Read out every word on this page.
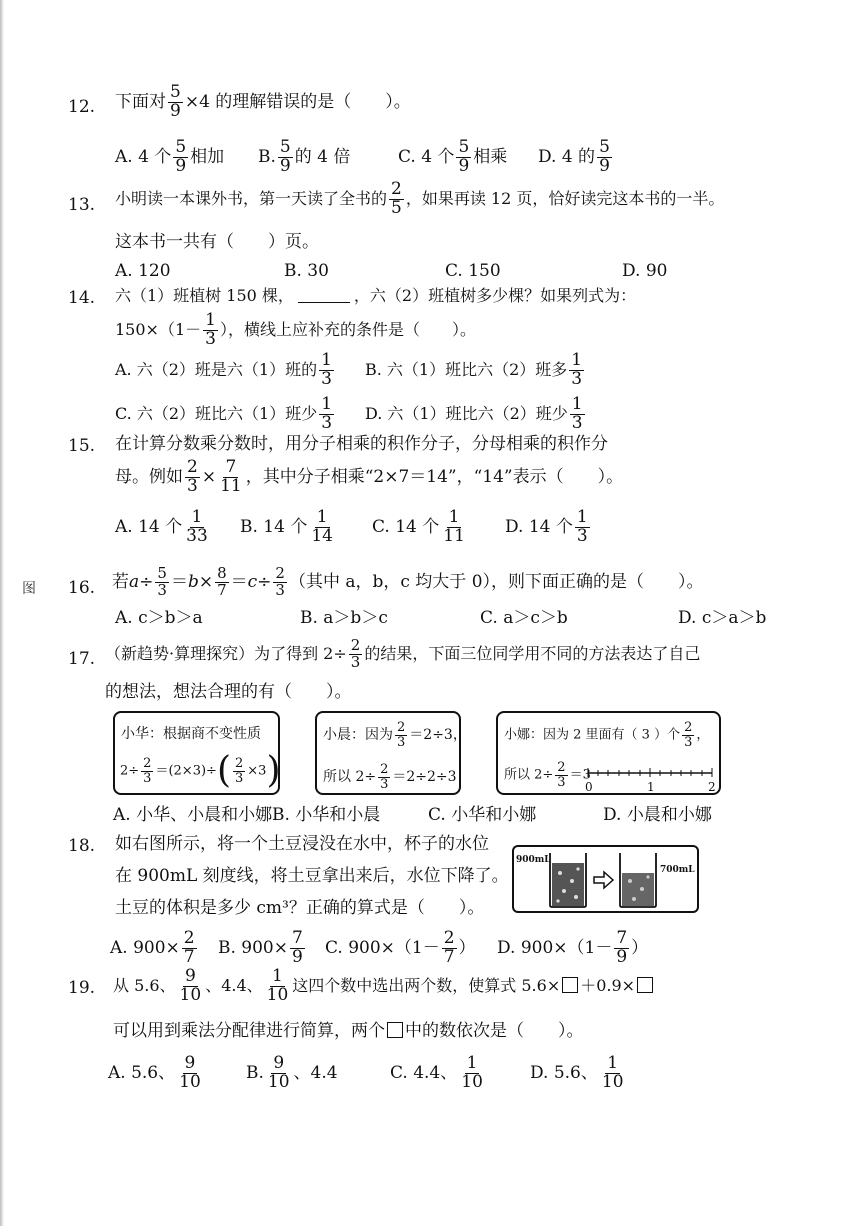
图
12. 下面对 $\frac{5}{9} \times 4$ 的理解错误的是（　　）。
A. 4 个 $\frac{5}{9}$ 相加 B. $\frac{5}{9}$ 的 4 倍	C. 4 个 $\frac{5}{9}$ 相乘 D. 4 的 $\frac{5}{9}$
13. 小明读一本课外书，第一天读了全书的 $\frac{2}{5}$ ，如果再读 12 页，恰好读完这本书的一半。
这本书一共有（　　）页。
A. 120	B. 30	C. 150	D. 90
14. 六（1）班植树 150 棵，	，六（2）班植树多少棵？如果列式为：
$150\times(1- \frac{1}{3}$ ），横线上应补充的条件是（　　）。
A. 六（2）班是六（1）班的 $\frac{1}{3} B$. 六（1）班比六（2）班多 $\frac{1}{3}$
C. 六（2）班比六（1）班少 $\frac{1}{3} D$. 六（1）班比六（2）班少 $\frac{1}{3}$
15. 在计算分数乘分数时，用分子相乘的积作分子，分母相乘的积作分
母。例如 $\frac{2}{3} \times \frac{7}{11}$ ，其中分子相乘“2×7＝14”，“14”表示（　　）。
A. 14 个 $\frac{1}{33} B$. 14 个 $\frac{1}{14} C$. 14 个 $\frac{1}{11} D$. 14 个 $\frac{1}{3}$
16. 若$a\div \frac{5}{3} =b\times \frac{8}{7} =c\div \frac{2}{3}$ （其中 a，b，c 均大于 0），则下面正确的是（　　）。
A. c＞b＞a	B. a＞b＞c	C. a＞c＞b	D. c＞a＞b
17. （新趋势·算理探究）为了得到 $2\div \frac{2}{3}$ 的结果，下面三位同学用不同的方法表达了自己
的想法，想法合理的有（　　）。
小华：根据商不变性质
$2\div \frac{2}{3} =(2\times 3)\div( \frac{2}{3} \times 3)$
小晨：因为 $\frac{2}{3} =2\div 3$，
所以 $2\div \frac{2}{3} =2\div 2\div 3$
小娜：因为 2 里面有（ 3 ）个 $\frac{2}{3}$ ，
所以 $2\div \frac{2}{3} =3$
0	1	2
A. 小华、小晨和小娜 B. 小华和小晨	C. 小华和小娜	D. 小晨和小娜
18. 如右图所示，将一个土豆浸没在水中，杯子的水位
在 900mL 刻度线，将土豆拿出来后，水位下降了。
土豆的体积是多少 cm³？正确的算式是（　　）。
900mL
700mL
A. $900\times \frac{2}{7} B$. $900\times \frac{7}{9} C$. $900\times(1- \frac{2}{7}$ ） D. $900\times(1- \frac{7}{9}$ ）
19. 从 5.6、 $\frac{9}{10}$ 、4.4、 $\frac{1}{10}$ 这四个数中选出两个数，使算式 5.6× ＋0.9×
可以用到乘法分配律进行简算，两个 中的数依次是（　　）。
A. 5.6、 $\frac{9}{10}$	B. $\frac{9}{10}$ 、4.4	C. 4.4、 $\frac{1}{10}$	D. 5.6、 $\frac{1}{10}$
